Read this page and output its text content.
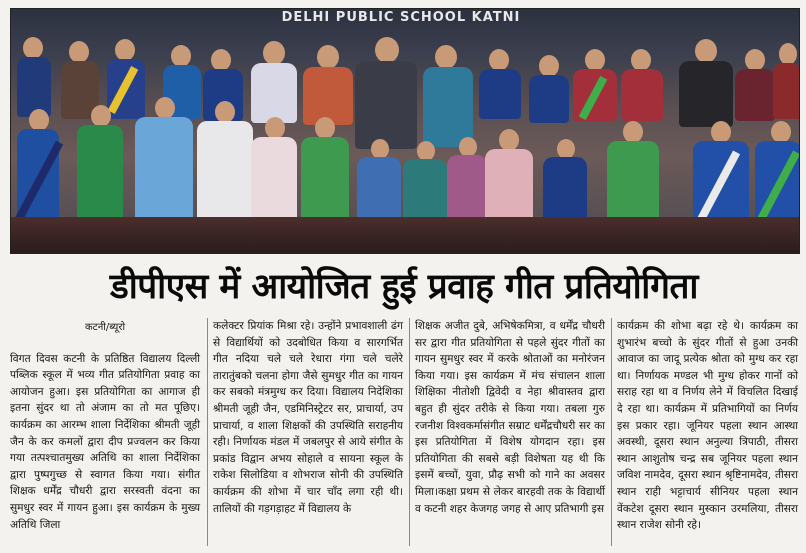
DELHI PUBLIC SCHOOL KATNI
डीपीएस में आयोजित हुई प्रवाह गीत प्रतियोगिता
कटनी/ब्यूरो

विगत दिवस कटनी के प्रतिष्ठित विद्यालय दिल्ली पब्लिक स्कूल में भव्य गीत प्रतियोगिता प्रवाह का आयोजन हुआ। इस प्रतियोगिता का आगाज ही इतना सुंदर था तो अंजाम का तो मत पूछिए। कार्यक्रम का आरम्भ शाला निर्देशिका श्रीमती जूही जैन के कर कमलों द्वारा दीप प्रज्वलन कर किया गया तत्पश्चातमुख्य अतिथि का शाला निर्देशिका द्वारा पुष्पगुच्छ से स्वागत किया गया। संगीत शिक्षक धर्मेंद्र चौधरी द्वारा सरस्वती वंदना का सुमधुर स्वर में गायन हुआ। इस कार्यक्रम के मुख्य अतिथि जिला

कलेक्टर प्रियांक मिश्रा रहे। उन्होंने प्रभावशाली ढंग से विद्यार्थियों को उदबोधित किया व सारगर्भित गीत नदिया चले चले रेधारा गंगा चले चलेरे तारातुंबको चलना होगा जैसे सुमधुर गीत का गायन कर सबको मंत्रमुग्ध कर दिया। विद्यालय निदेशिका श्रीमती जूही जैन, एडमिनिस्ट्रेटर सर, प्राचार्या, उप प्राचार्या, व शाला शिक्षकों की उपस्थिति सराहनीय रही। निर्णायक मंडल में जबलपुर से आये संगीत के प्रकांड विद्वान अभय सोहाले व सायना स्कूल के राकेश सिलोडिया व शोभराज सोनी की उपस्थिति कार्यक्रम की शोभा में चार चाँद लगा रही थी। तालियों की गड़गड़ाहट में विद्यालय के

शिक्षक अजीत दुबे, अभिषेकमित्रा, व धर्मेंद्र चौधरी सर द्वारा गीत प्रतियोगिता से पहले सुंदर गीतों का गायन सुमधुर स्वर में करके श्रोताओं का मनोरंजन किया गया। इस कार्यक्रम में मंच संचालन शाला शिक्षिका नीतोशी द्विवेदी व नेहा श्रीवास्तव द्वारा बहुत ही सुंदर तरीके से किया गया। तबला गुरु रजनीश विश्वकर्मासंगीत सम्राट धर्मेंद्रचौधरी सर का इस प्रतियोगिता में विशेष योगदान रहा। इस प्रतियोगिता की सबसे बड़ी विशेषता यह थी कि इसमें बच्चों, युवा, प्रौढ़ सभी को गाने का अवसर मिला।कक्षा प्रथम से लेकर बारहवी तक के विद्यार्थी व कटनी शहर केजगह जगह से आए प्रतिभागी इस

कार्यक्रम की शोभा बढ़ा रहे थे। कार्यक्रम का शुभारंभ बच्चो के सुंदर गीतों से हुआ उनकी आवाज का जादू प्रत्येक श्रोता को मुग्ध कर रहा था। निर्णायक मण्डल भी मुग्ध होकर गानों को सराह रहा था व निर्णय लेने में विचलित दिखाई दे रहा था। कार्यक्रम में प्रतिभागियों का निर्णय इस प्रकार रहा। जूनियर पहला स्थान आस्था अवस्थी, दूसरा स्थान अनुल्या त्रिपाठी, तीसरा स्थान आशुतोष चन्द्र सब जूनियर पहला स्थान जविश नामदेव, दूसरा स्थान श्रृष्टिनामदेव, तीसरा स्थान राही भट्टाचार्य सीनियर पहला स्थान वेंकटेश दूसरा स्थान मुस्कान उरमलिया, तीसरा स्थान राजेश सोनी रहे।
